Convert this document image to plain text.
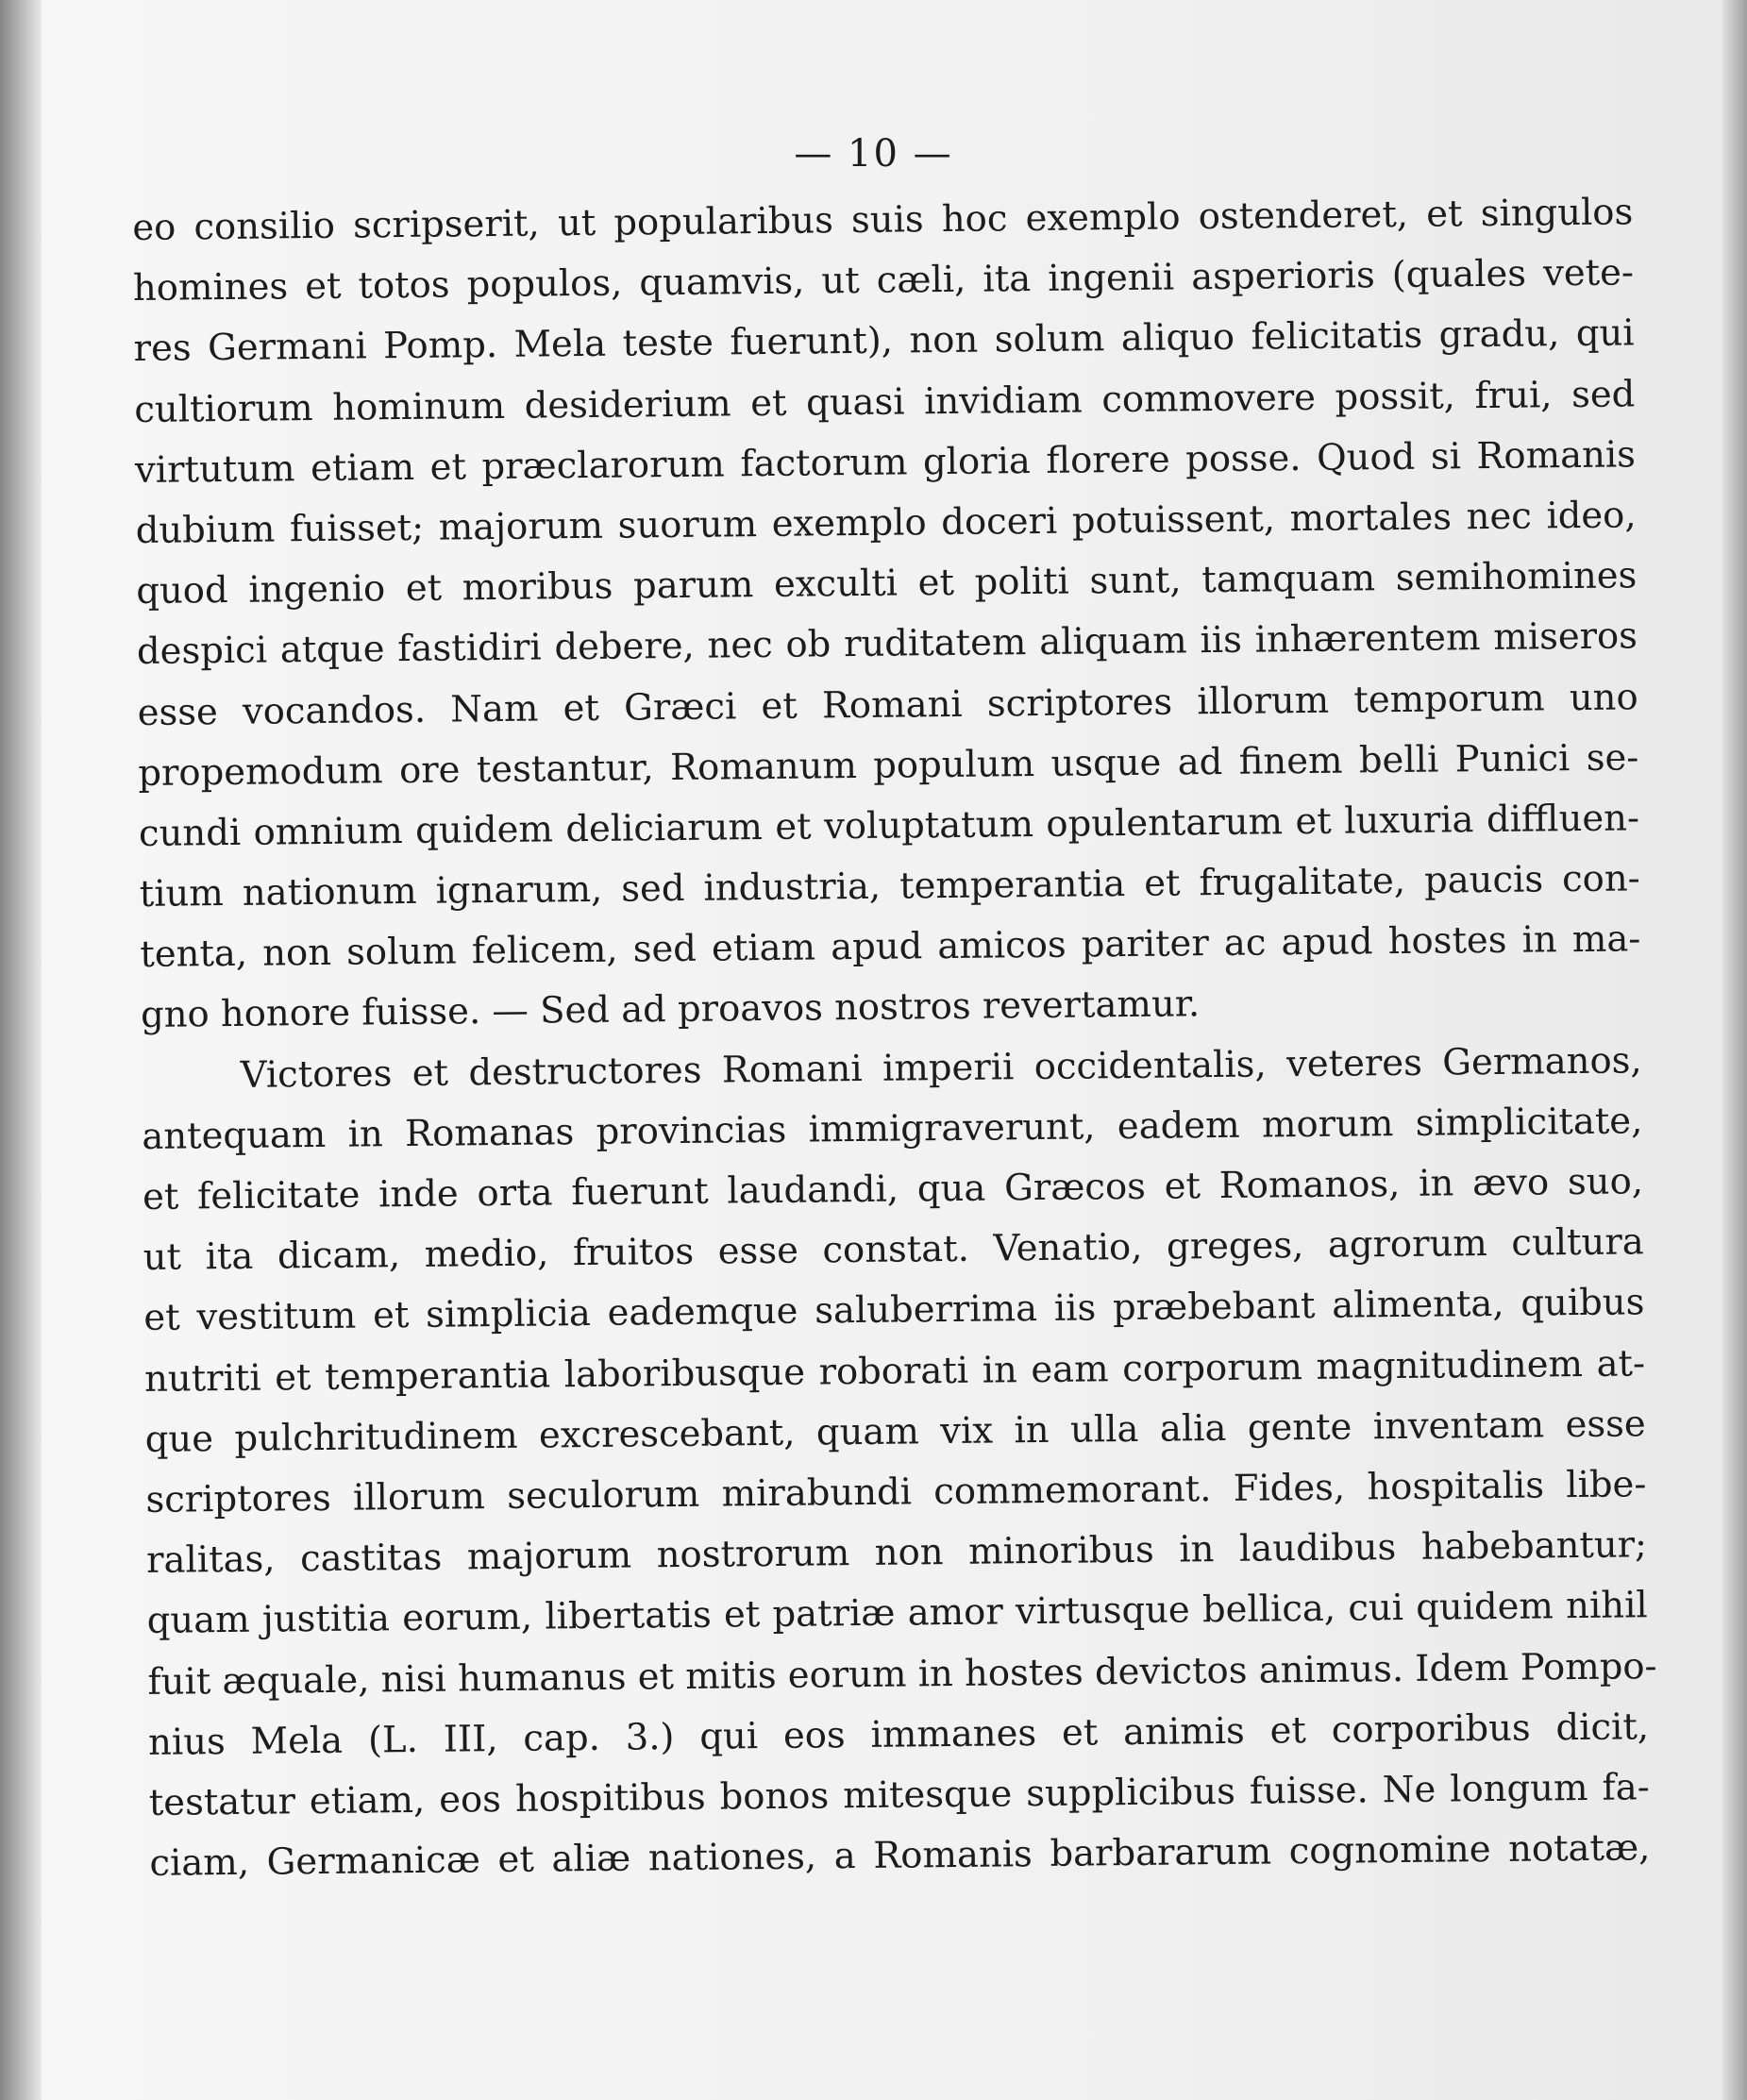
— 10 —
eo consilio scripserit, ut popularibus suis hoc exemplo ostenderet, et singulos
homines et totos populos, quamvis, ut cæli, ita ingenii asperioris (quales vete-
res Germani Pomp. Mela teste fuerunt), non solum aliquo felicitatis gradu, qui
cultiorum hominum desiderium et quasi invidiam commovere possit, frui, sed
virtutum etiam et præclarorum factorum gloria florere posse. Quod si Romanis
dubium fuisset; majorum suorum exemplo doceri potuissent, mortales nec ideo,
quod ingenio et moribus parum exculti et politi sunt, tamquam semihomines
despici atque fastidiri debere, nec ob ruditatem aliquam iis inhærentem miseros
esse vocandos. Nam et Græci et Romani scriptores illorum temporum uno
propemodum ore testantur, Romanum populum usque ad finem belli Punici se-
cundi omnium quidem deliciarum et voluptatum opulentarum et luxuria diffluen-
tium nationum ignarum, sed industria, temperantia et frugalitate, paucis con-
tenta, non solum felicem, sed etiam apud amicos pariter ac apud hostes in ma-
gno honore fuisse. — Sed ad proavos nostros revertamur.
Victores et destructores Romani imperii occidentalis, veteres Germanos,
antequam in Romanas provincias immigraverunt, eadem morum simplicitate,
et felicitate inde orta fuerunt laudandi, qua Græcos et Romanos, in ævo suo,
ut ita dicam, medio, fruitos esse constat. Venatio, greges, agrorum cultura
et vestitum et simplicia eademque saluberrima iis præbebant alimenta, quibus
nutriti et temperantia laboribusque roborati in eam corporum magnitudinem at-
que pulchritudinem excrescebant, quam vix in ulla alia gente inventam esse
scriptores illorum seculorum mirabundi commemorant. Fides, hospitalis libe-
ralitas, castitas majorum nostrorum non minoribus in laudibus habebantur;
quam justitia eorum, libertatis et patriæ amor virtusque bellica, cui quidem nihil
fuit æquale, nisi humanus et mitis eorum in hostes devictos animus. Idem Pompo-
nius Mela (L. III, cap. 3.) qui eos immanes et animis et corporibus dicit,
testatur etiam, eos hospitibus bonos mitesque supplicibus fuisse. Ne longum fa-
ciam, Germanicæ et aliæ nationes, a Romanis barbararum cognomine notatæ,
